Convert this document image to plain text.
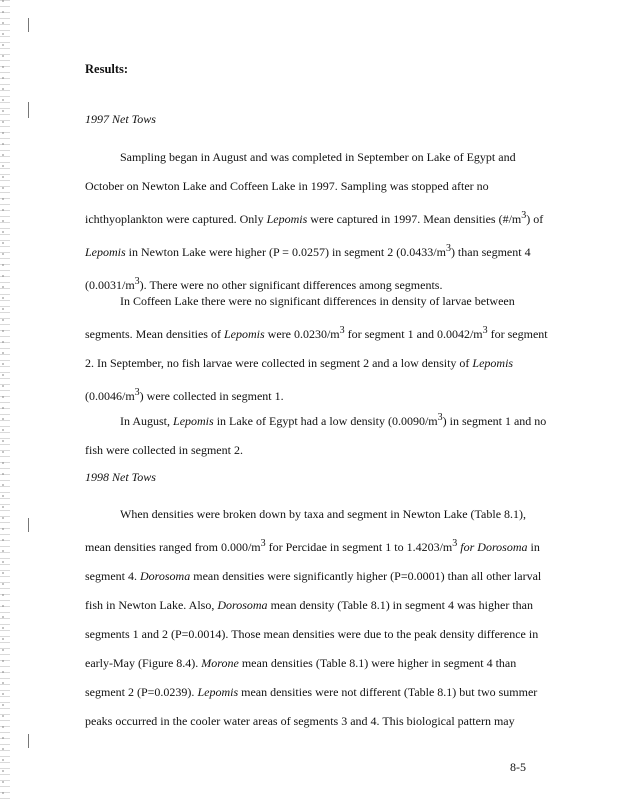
Results:

1997 Net Tows

Sampling began in August and was completed in September on Lake of Egypt and
October on Newton Lake and Coffeen Lake in 1997. Sampling was stopped after no
ichthyoplankton were captured. Only Lepomis were captured in 1997. Mean densities $(\#/m^3)$ of
Lepomis in Newton Lake were higher (P = 0.0257) in segment 2 $(0.0433/m^3)$ than segment 4
$(0.0031/m^3)$. There were no other significant differences among segments.
In Coffeen Lake there were no significant differences in density of larvae between
segments. Mean densities of Lepomis were $0.0230/m^3$ for segment 1 and $0.0042/m^3$ for segment
2. In September, no fish larvae were collected in segment 2 and a low density of Lepomis
$(0.0046/m^3)$ were collected in segment 1.
In August, Lepomis in Lake of Egypt had a low density $(0.0090/m^3)$ in segment 1 and no
fish were collected in segment 2.

1998 Net Tows

When densities were broken down by taxa and segment in Newton Lake (Table 8.1),
mean densities ranged from $0.000/m^3$ for Percidae in segment 1 to $1.4203/m^3$ for Dorosoma in
segment 4. Dorosoma mean densities were significantly higher (P=0.0001) than all other larval
fish in Newton Lake. Also, Dorosoma mean density (Table 8.1) in segment 4 was higher than
segments 1 and 2 (P=0.0014). Those mean densities were due to the peak density difference in
early-May (Figure 8.4). Morone mean densities (Table 8.1) were higher in segment 4 than
segment 2 (P=0.0239). Lepomis mean densities were not different (Table 8.1) but two summer
peaks occurred in the cooler water areas of segments 3 and 4. This biological pattern may

8-5
